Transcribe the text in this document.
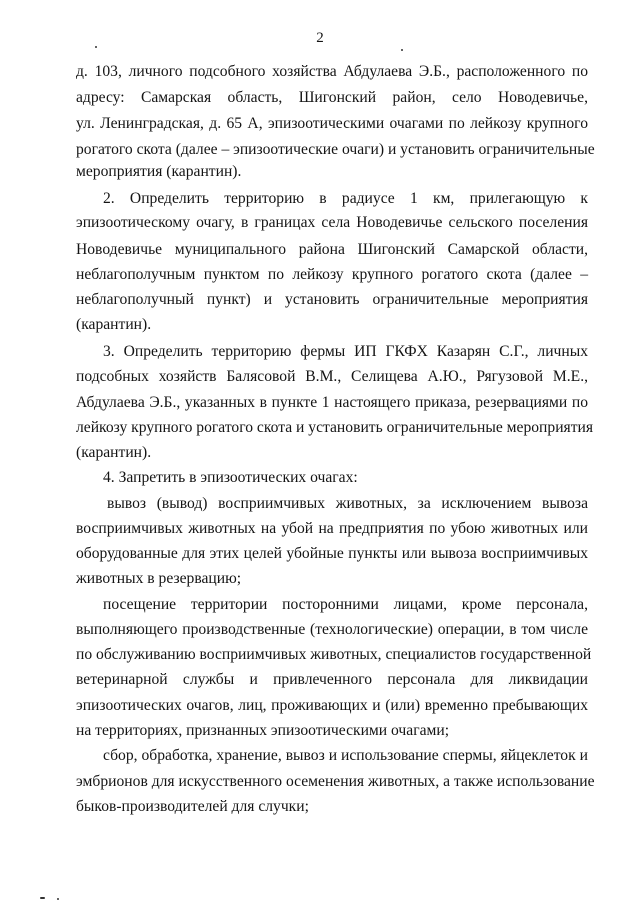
2
д. 103, личного подсобного хозяйства Абдулаева Э.Б., расположенного по
адресу: Самарская область, Шигонский район, село Новодевичье,
ул. Ленинградская, д. 65 А, эпизоотическими очагами по лейкозу крупного
рогатого скота (далее – эпизоотические очаги) и установить ограничительные
мероприятия (карантин).
2. Определить территорию в радиусе 1 км, прилегающую к
эпизоотическому очагу, в границах села Новодевичье сельского поселения
Новодевичье муниципального района Шигонский Самарской области,
неблагополучным пунктом по лейкозу крупного рогатого скота (далее –
неблагополучный пункт) и установить ограничительные мероприятия
(карантин).
3. Определить территорию фермы ИП ГКФХ Казарян С.Г., личных
подсобных хозяйств Балясовой В.М., Селищева А.Ю., Рягузовой М.Е.,
Абдулаева Э.Б., указанных в пункте 1 настоящего приказа, резервациями по
лейкозу крупного рогатого скота и установить ограничительные мероприятия
(карантин).
4. Запретить в эпизоотических очагах:
вывоз (вывод) восприимчивых животных, за исключением вывоза
восприимчивых животных на убой на предприятия по убою животных или
оборудованные для этих целей убойные пункты или вывоза восприимчивых
животных в резервацию;
посещение территории посторонними лицами, кроме персонала,
выполняющего производственные (технологические) операции, в том числе
по обслуживанию восприимчивых животных, специалистов государственной
ветеринарной службы и привлеченного персонала для ликвидации
эпизоотических очагов, лиц, проживающих и (или) временно пребывающих
на территориях, признанных эпизоотическими очагами;
сбор, обработка, хранение, вывоз и использование спермы, яйцеклеток и
эмбрионов для искусственного осеменения животных, а также использование
быков-производителей для случки;
